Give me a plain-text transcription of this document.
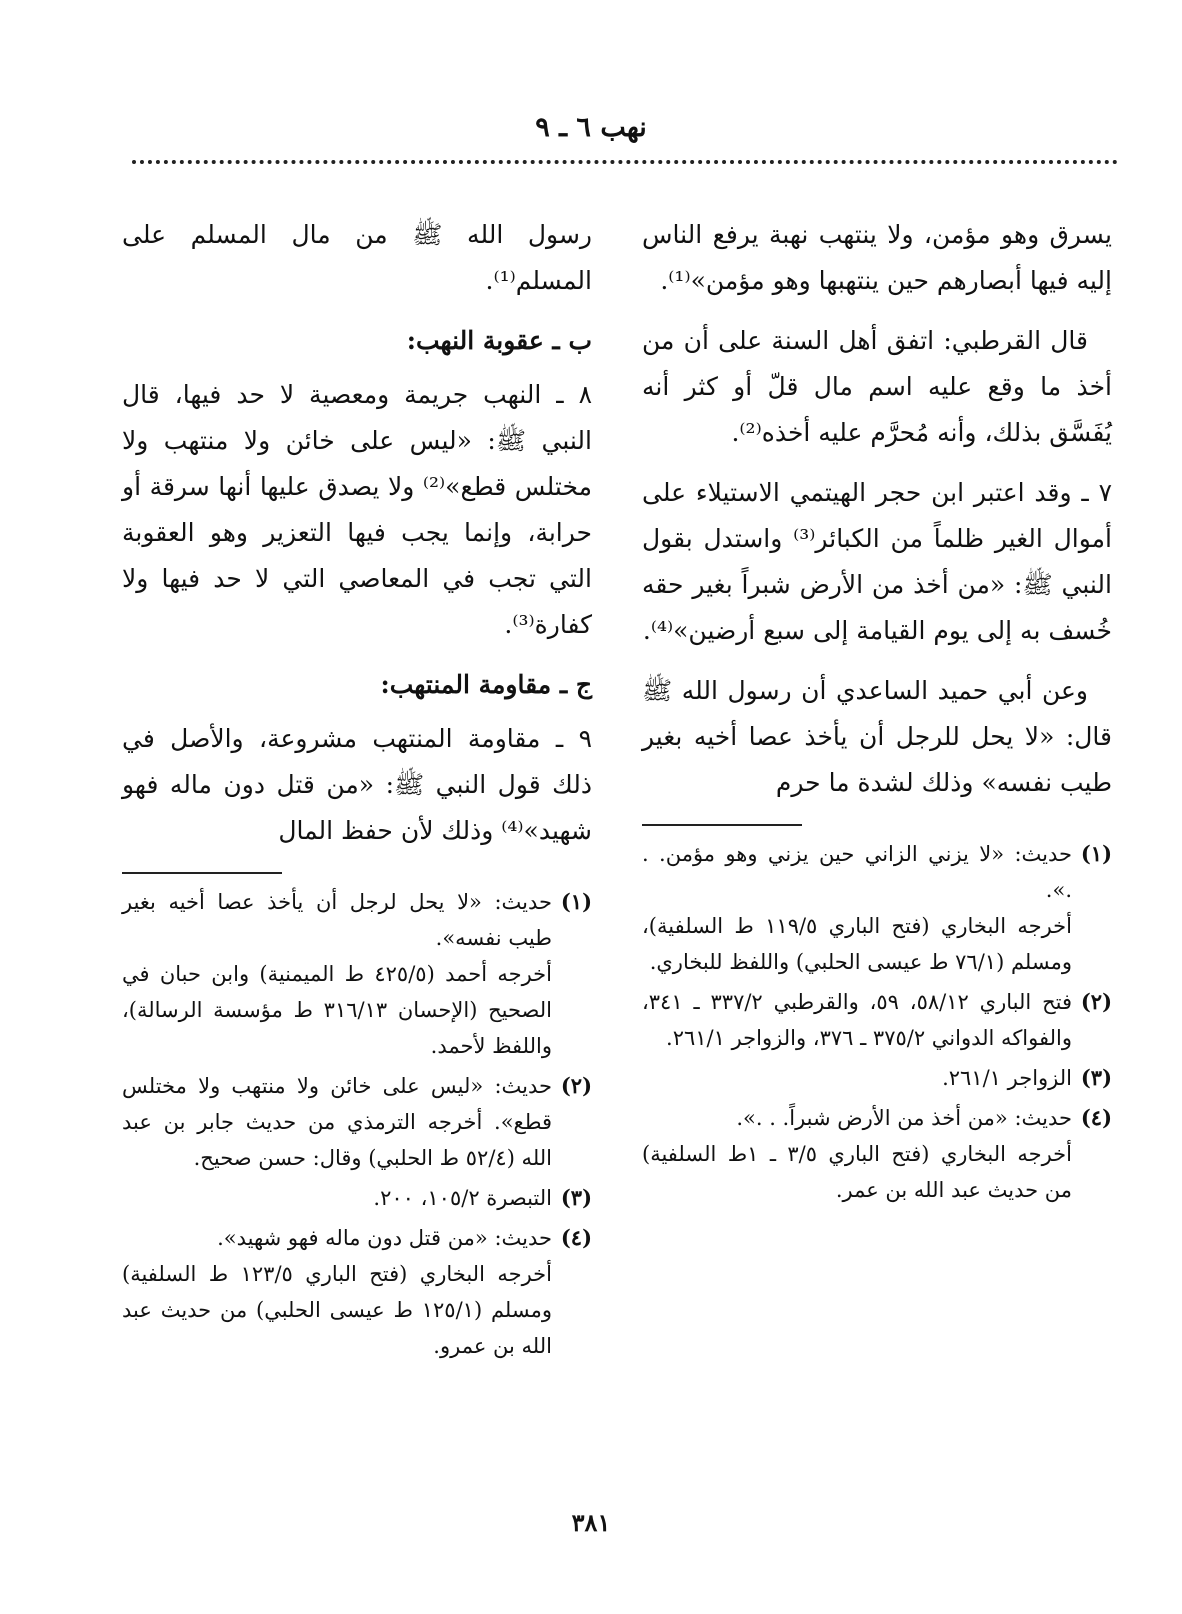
نهب ٦ ـ ٩

يسرق وهو مؤمن، ولا ينتهب نهبة يرفع الناس إليه فيها أبصارهم حين ينتهبها وهو مؤمن»⁽¹⁾.

قال القرطبي: اتفق أهل السنة على أن من أخذ ما وقع عليه اسم مال قلّ أو كثر أنه يُفَسَّق بذلك، وأنه مُحرَّم عليه أخذه⁽²⁾.

٧ ـ وقد اعتبر ابن حجر الهيتمي الاستيلاء على أموال الغير ظلماً من الكبائر⁽³⁾ واستدل بقول النبي ﷺ: «من أخذ من الأرض شبراً بغير حقه خُسف به إلى يوم القيامة إلى سبع أرضين»⁽⁴⁾.

وعن أبي حميد الساعدي أن رسول الله ﷺ قال: «لا يحل للرجل أن يأخذ عصا أخيه بغير طيب نفسه» وذلك لشدة ما حرم

(١)
حديث: «لا يزني الزاني حين يزني وهو مؤمن. . .».
أخرجه البخاري (فتح الباري ١١٩/٥ ط السلفية)، ومسلم (٧٦/١ ط عيسى الحلبي) واللفظ للبخاري.
(٢)
فتح الباري ٥٨/١٢، ٥٩، والقرطبي ٣٣٧/٢ ـ ٣٤١، والفواكه الدواني ٣٧٥/٢ ـ ٣٧٦، والزواجر ٢٦١/١.
(٣)
الزواجر ٢٦١/١.
(٤)
حديث: «من أخذ من الأرض شبراً. . .».
أخرجه البخاري (فتح الباري ٣/٥ ـ ١ط السلفية) من حديث عبد الله بن عمر.

رسول الله ﷺ من مال المسلم على المسلم⁽¹⁾.

ب ـ عقوبة النهب:

٨ ـ النهب جريمة ومعصية لا حد فيها، قال النبي ﷺ: «ليس على خائن ولا منتهب ولا مختلس قطع»⁽²⁾ ولا يصدق عليها أنها سرقة أو حرابة، وإنما يجب فيها التعزير وهو العقوبة التي تجب في المعاصي التي لا حد فيها ولا كفارة⁽³⁾.

ج ـ مقاومة المنتهب:

٩ ـ مقاومة المنتهب مشروعة، والأصل في ذلك قول النبي ﷺ: «من قتل دون ماله فهو شهيد»⁽⁴⁾ وذلك لأن حفظ المال

(١)
حديث: «لا يحل لرجل أن يأخذ عصا أخيه بغير طيب نفسه».
أخرجه أحمد (٤٢٥/٥ ط الميمنية) وابن حبان في الصحيح (الإحسان ٣١٦/١٣ ط مؤسسة الرسالة)، واللفظ لأحمد.
(٢)
حديث: «ليس على خائن ولا منتهب ولا مختلس قطع». أخرجه الترمذي من حديث جابر بن عبد الله (٥٢/٤ ط الحلبي) وقال: حسن صحيح.
(٣)
التبصرة ١٠٥/٢، ٢٠٠.
(٤)
حديث: «من قتل دون ماله فهو شهيد».
أخرجه البخاري (فتح الباري ١٢٣/٥ ط السلفية) ومسلم (١٢٥/١ ط عيسى الحلبي) من حديث عبد الله بن عمرو.
٣٨١
